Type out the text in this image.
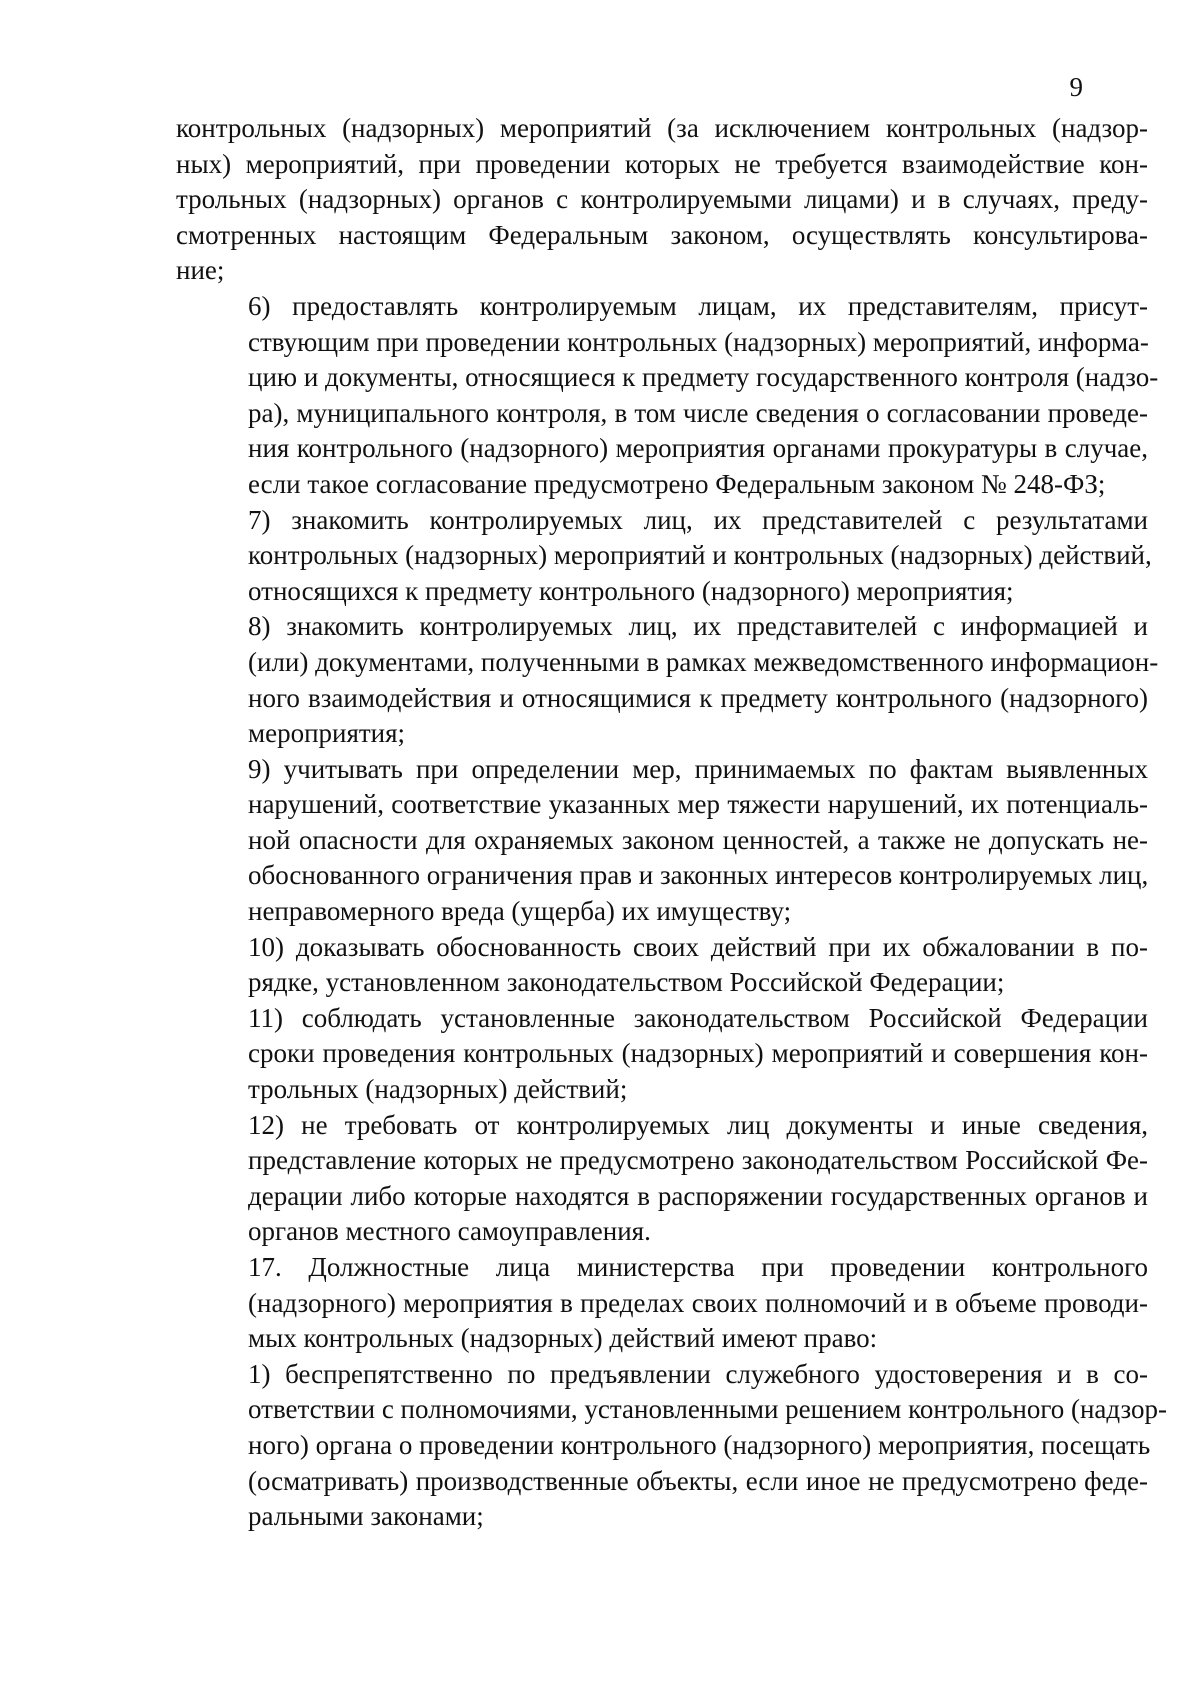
9
контрольных (надзорных) мероприятий (за исключением контрольных (надзор-
ных) мероприятий, при проведении которых не требуется взаимодействие кон-
трольных (надзорных) органов с контролируемыми лицами) и в случаях, преду-
смотренных настоящим Федеральным законом, осуществлять консультирова-
ние;
6) предоставлять контролируемым лицам, их представителям, присут-
ствующим при проведении контрольных (надзорных) мероприятий, информа-
цию и документы, относящиеся к предмету государственного контроля (надзо-
ра), муниципального контроля, в том числе сведения о согласовании проведе-
ния контрольного (надзорного) мероприятия органами прокуратуры в случае,
если такое согласование предусмотрено Федеральным законом № 248-ФЗ;
7) знакомить контролируемых лиц, их представителей с результатами
контрольных (надзорных) мероприятий и контрольных (надзорных) действий,
относящихся к предмету контрольного (надзорного) мероприятия;
8) знакомить контролируемых лиц, их представителей с информацией и
(или) документами, полученными в рамках межведомственного информацион-
ного взаимодействия и относящимися к предмету контрольного (надзорного)
мероприятия;
9) учитывать при определении мер, принимаемых по фактам выявленных
нарушений, соответствие указанных мер тяжести нарушений, их потенциаль-
ной опасности для охраняемых законом ценностей, а также не допускать не-
обоснованного ограничения прав и законных интересов контролируемых лиц,
неправомерного вреда (ущерба) их имуществу;
10) доказывать обоснованность своих действий при их обжаловании в по-
рядке, установленном законодательством Российской Федерации;
11) соблюдать установленные законодательством Российской Федерации
сроки проведения контрольных (надзорных) мероприятий и совершения кон-
трольных (надзорных) действий;
12) не требовать от контролируемых лиц документы и иные сведения,
представление которых не предусмотрено законодательством Российской Фе-
дерации либо которые находятся в распоряжении государственных органов и
органов местного самоуправления.
17. Должностные лица министерства при проведении контрольного
(надзорного) мероприятия в пределах своих полномочий и в объеме проводи-
мых контрольных (надзорных) действий имеют право:
1) беспрепятственно по предъявлении служебного удостоверения и в со-
ответствии с полномочиями, установленными решением контрольного (надзор-
ного) органа о проведении контрольного (надзорного) мероприятия, посещать
(осматривать) производственные объекты, если иное не предусмотрено феде-
ральными законами;
